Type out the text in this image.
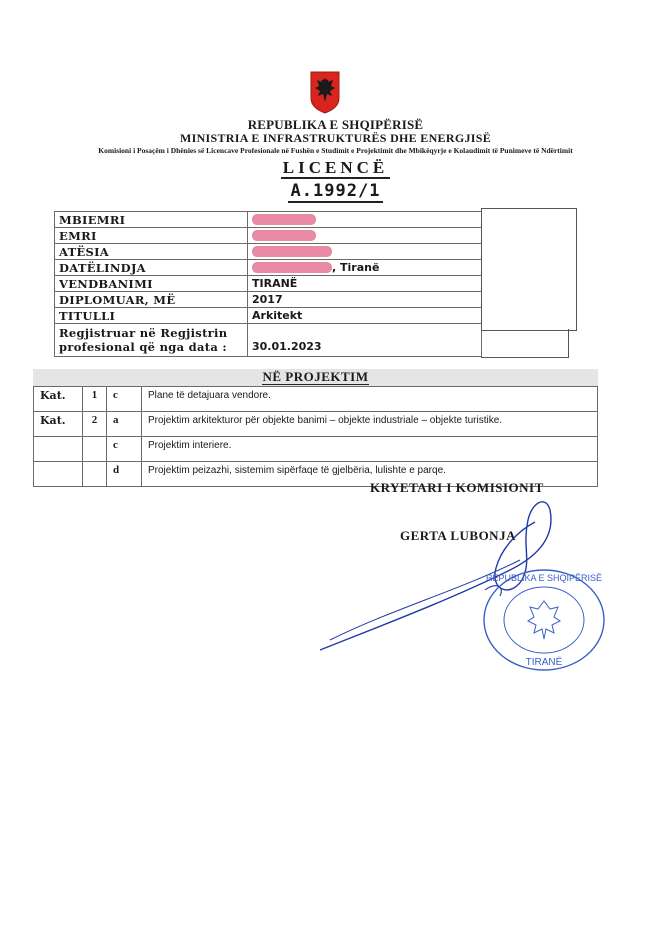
REPUBLIKA E SHQIPËRISË
MINISTRIA E INFRASTRUKTURËS DHE ENERGJISË
Komisioni i Posaçëm i Dhënies së Licencave Profesionale në Fushën e Studimit e Projektimit dhe Mbikëqyrje e Kolaudimit të Punimeve të Ndërtimit
LICENCË
A.1992/1
MBIEMRI	
EMRI	
ATËSIA	
DATËLINDJA	, Tiranë
VENDBANIMI	TIRANË
DIPLOMUAR, MË	2017
TITULLI	Arkitekt
Regjistruar në Regjistrin profesional që nga data :	30.01.2023
NË PROJEKTIM
Kat.	1	c	Plane të detajuara vendore.
Kat.	2	a	Projektim arkitekturor për objekte banimi – objekte industriale – objekte turistike.
		c	Projektim interiere.
		d	Projektim peizazhi, sistemim sipërfaqe të gjelbëria, lulishte e parqe.
KRYETARI I KOMISIONIT
GERTA LUBONJA
REPUBLIKA E SHQIPËRISË
TIRANË
